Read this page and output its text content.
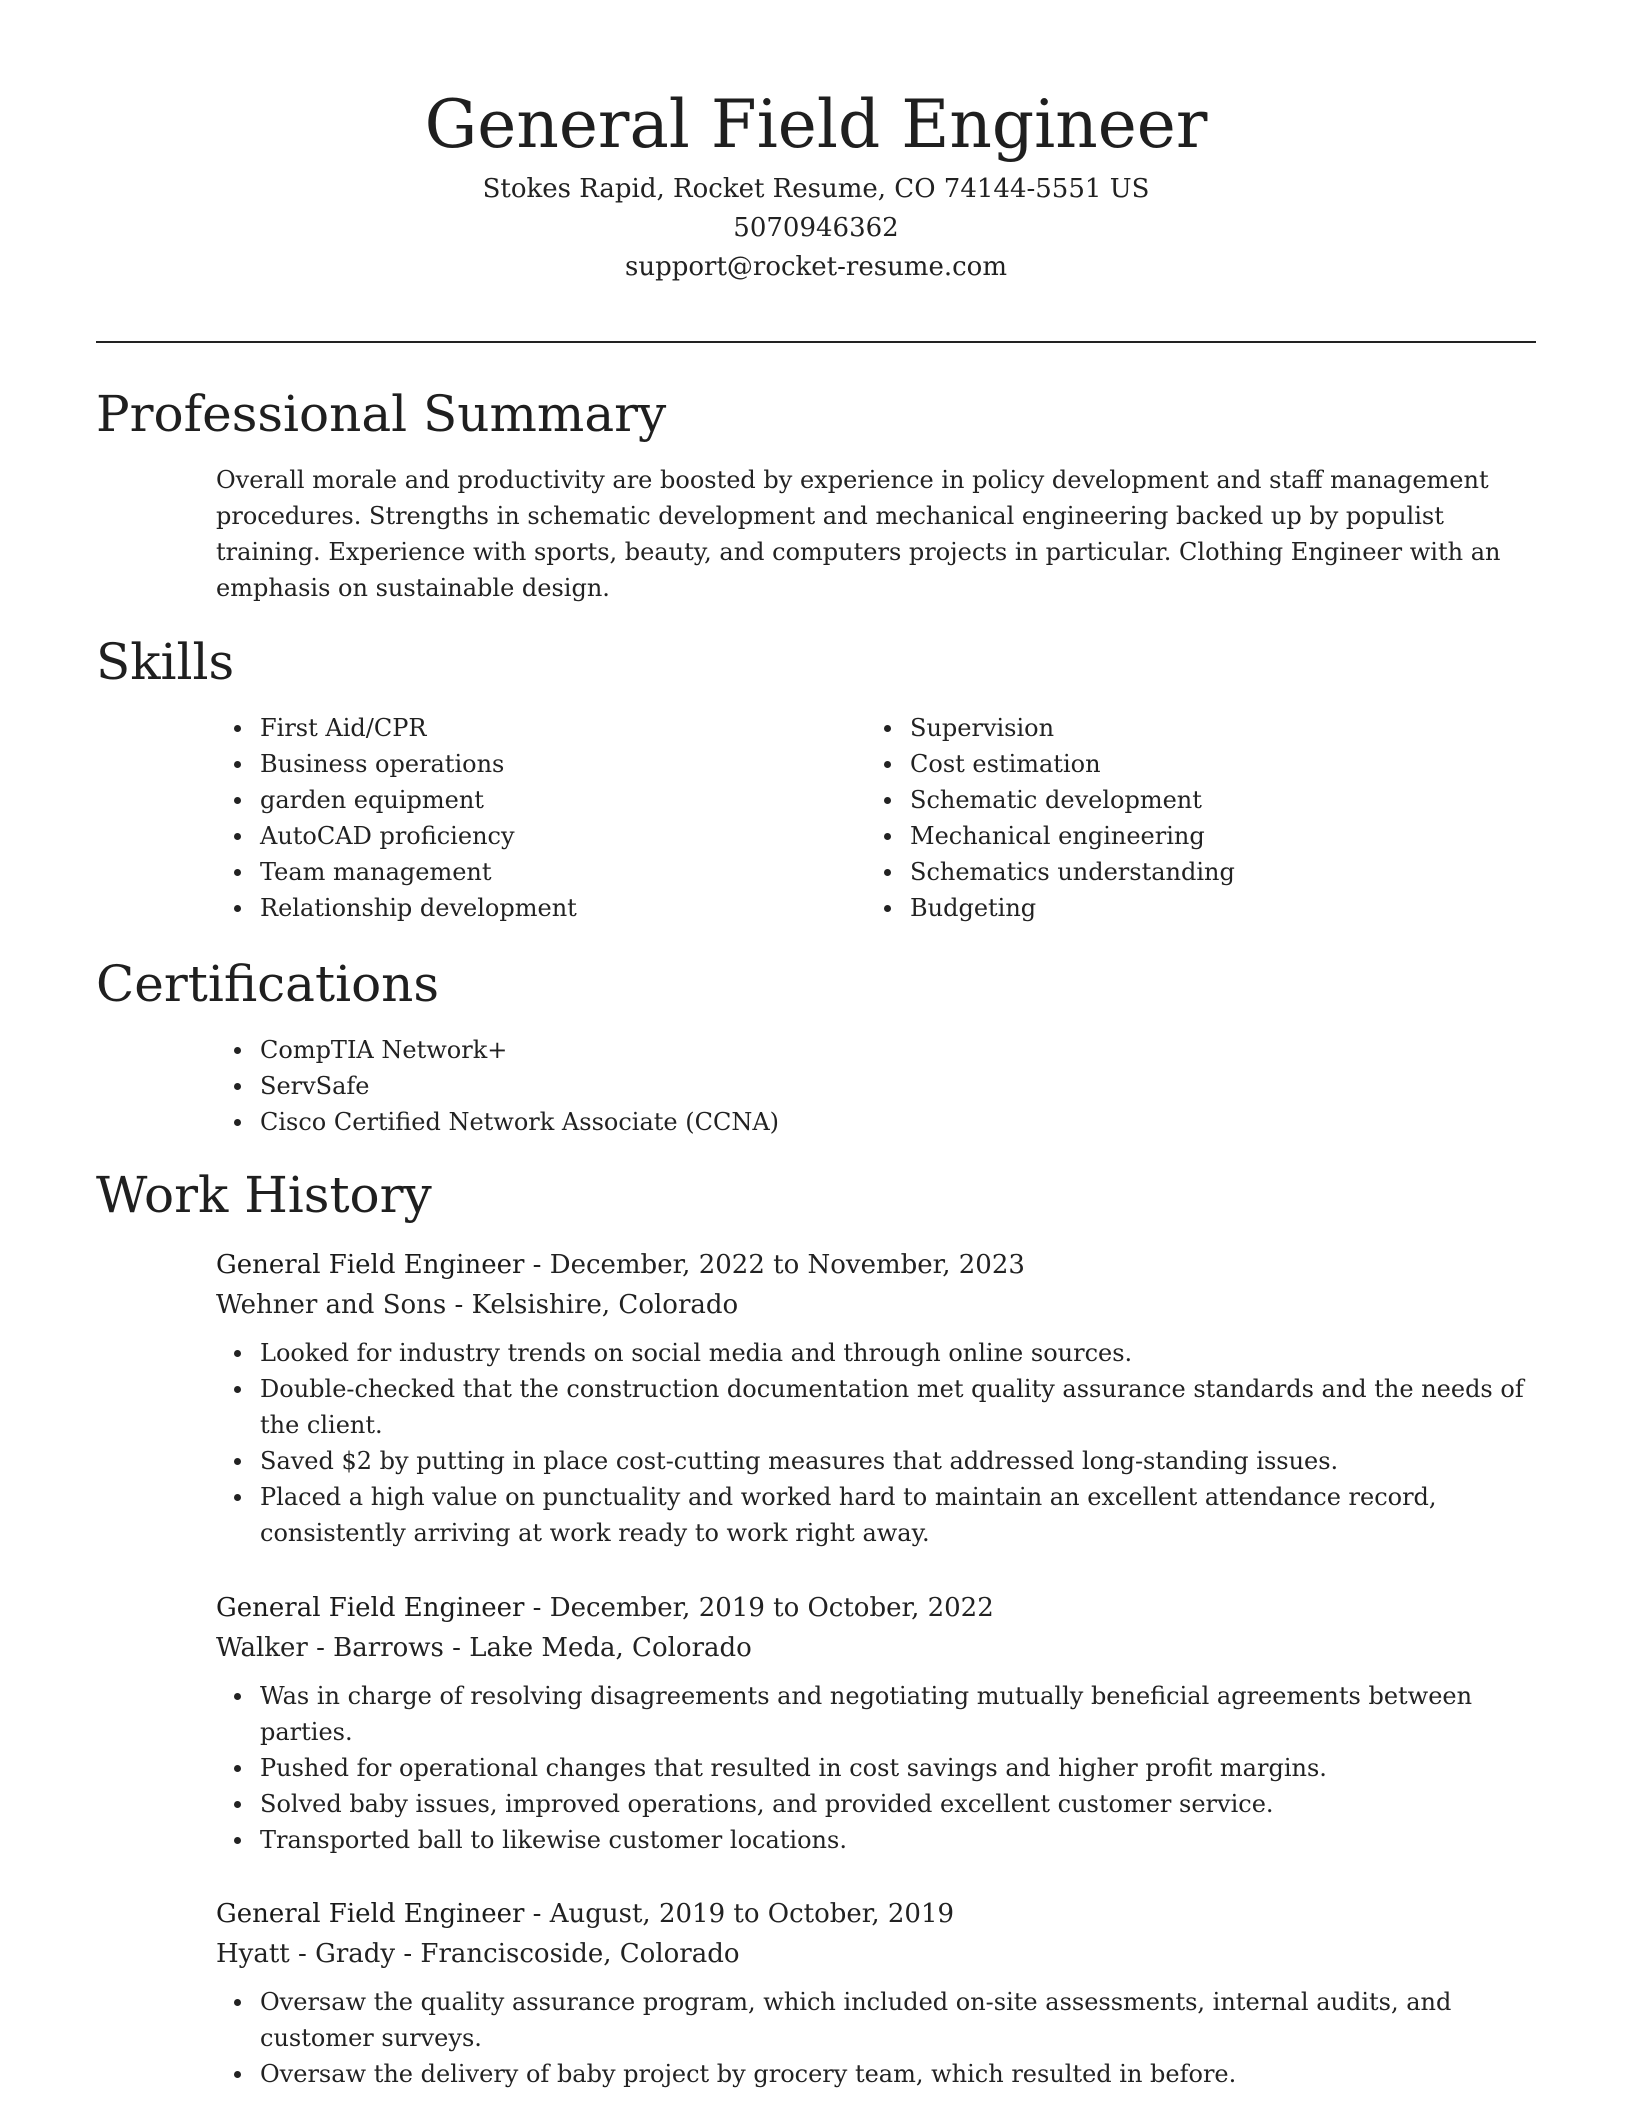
General Field Engineer

Stokes Rapid, Rocket Resume, CO 74144-5551 US

5070946362

support@rocket-resume.com

Professional Summary

Overall morale and productivity are boosted by experience in policy development and staff management procedures. Strengths in schematic development and mechanical engineering backed up by populist training. Experience with sports, beauty, and computers projects in particular. Clothing Engineer with an emphasis on sustainable design.

Skills
First Aid/CPR
Business operations
garden equipment
AutoCAD proficiency
Team management
Relationship development
Supervision
Cost estimation
Schematic development
Mechanical engineering
Schematics understanding
Budgeting
Certifications
CompTIA Network+
ServSafe
Cisco Certified Network Associate (CCNA)
Work History

General Field Engineer - December, 2022 to November, 2023

Wehner and Sons - Kelsishire, Colorado

Looked for industry trends on social media and through online sources.
Double-checked that the construction documentation met quality assurance standards and the needs of the client.
Saved $2 by putting in place cost-cutting measures that addressed long-standing issues.
Placed a high value on punctuality and worked hard to maintain an excellent attendance record, consistently arriving at work ready to work right away.

General Field Engineer - December, 2019 to October, 2022

Walker - Barrows - Lake Meda, Colorado

Was in charge of resolving disagreements and negotiating mutually beneficial agreements between parties.
Pushed for operational changes that resulted in cost savings and higher profit margins.
Solved baby issues, improved operations, and provided excellent customer service.
Transported ball to likewise customer locations.

General Field Engineer - August, 2019 to October, 2019

Hyatt - Grady - Franciscoside, Colorado

Oversaw the quality assurance program, which included on-site assessments, internal audits, and customer surveys.
Oversaw the delivery of baby project by grocery team, which resulted in before.
